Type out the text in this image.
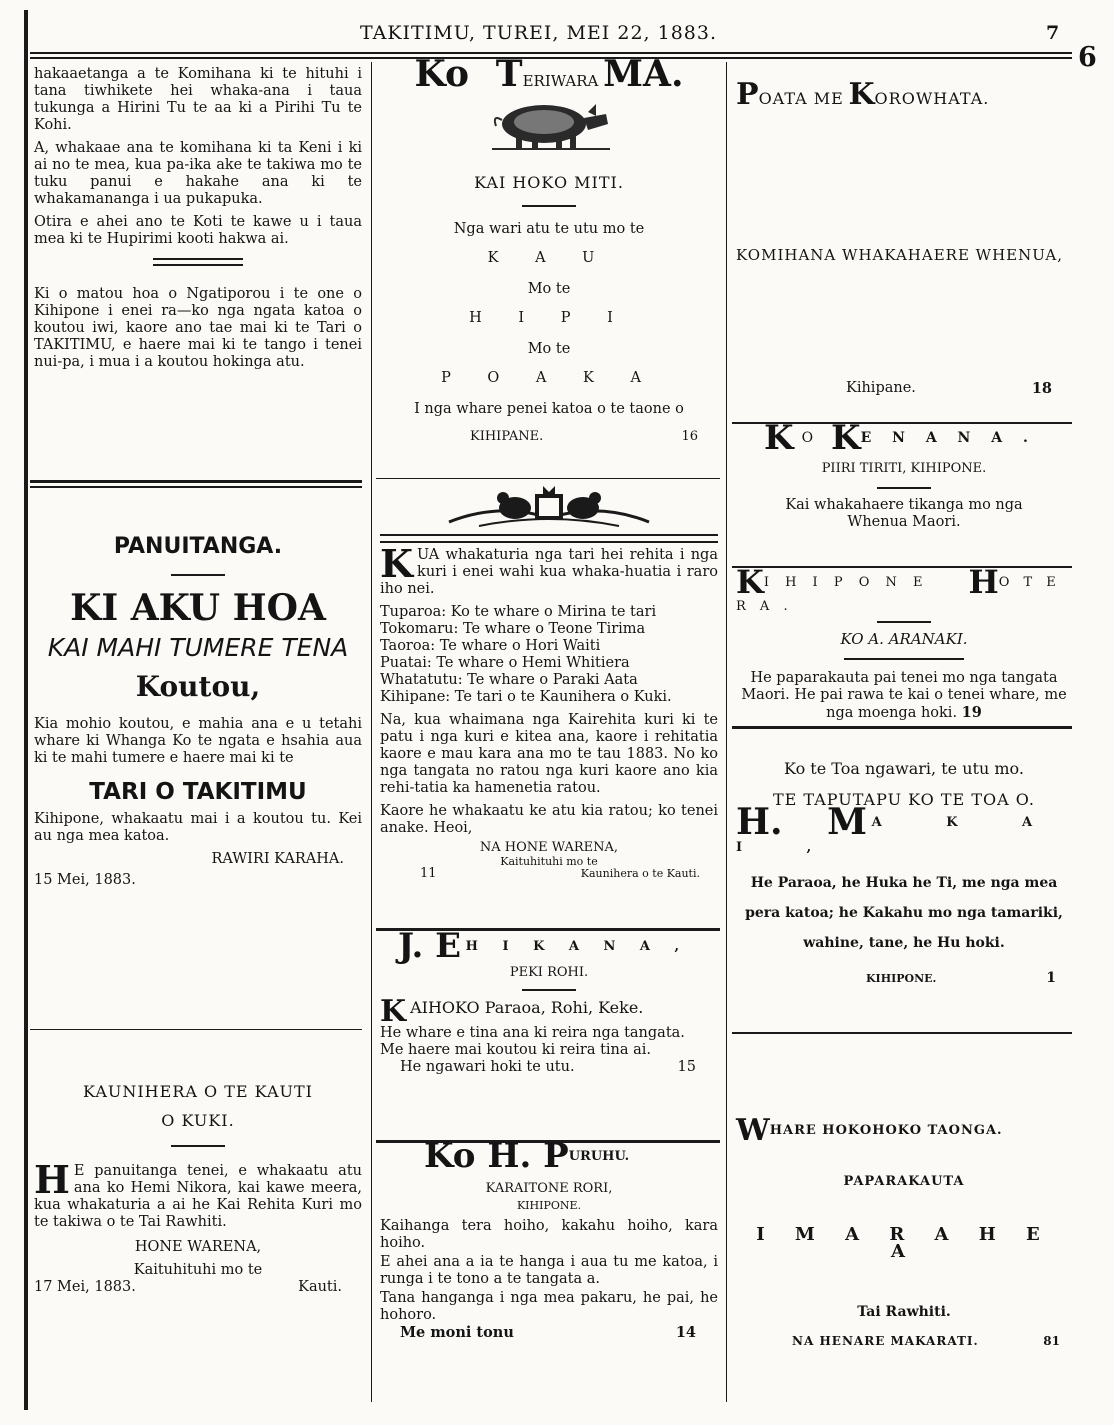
TAKITIMU, TUREI, MEI 22, 1883.	7
6

hakaaetanga a te Komihana ki te hituhi i tana tiwhikete hei whaka-ana i taua tukunga a Hirini Tu te aa ki a Pirihi Tu te Kohi.

A, whakaae ana te komihana ki ta Keni i ki ai no te mea, kua pa-ika ake te takiwa mo te tuku panui e hakahe ana ki te whakamananga i ua pukapuka.

Otira e ahei ano te Koti te kawe u i taua mea ki te Hupirimi kooti hakwa ai.

Ki o matou hoa o Ngatiporou i te one o Kihipone i enei ra—ko nga ngata katoa o koutou iwi, kaore ano tae mai ki te Tari o TAKITIMU, e haere mai ki te tango i tenei nui-pa, i mua i a koutou hokinga atu.

PANUITANGA.
KI AKU HOA
KAI MAHI TUMERE TENA
Koutou,

Kia mohio koutou, e mahia ana e u tetahi whare ki Whanga Ko te ngata e hsahia aua ki te mahi tumere e haere mai ki te

TARI O TAKITIMU

Kihipone, whakaatu mai i a koutou tu. Kei au nga mea katoa.

RAWIRI KARAHA.
15 Mei, 1883.
KAUNIHERA O TE KAUTI
O KUKI.

H E panuitanga tenei, e whakaatu atu ana ko Hemi Nikora, kai kawe meera, kua whakaturia a ai he Kai Rehita Kuri mo te takiwa o te Tai Rawhiti.

HONE WARENA,
Kaituhituhi mo te
Kauti.
17 Mei, 1883.
Ko TERIWARA MA.
KAI HOKO MITI.
Nga wari atu te utu mo te
K A U
Mo te
H I P I
Mo te
P O A K A
I nga whare penei katoa o te taone o
KIHIPANE.	16

KUA whakaturia nga tari hei rehita i nga kuri i enei wahi kua whaka-huatia i raro iho nei.

Tuparoa: Ko te whare o Mirina te tari
Tokomaru: Te whare o Teone Tirima
Taoroa: Te whare o Hori Waiti
Puatai: Te whare o Hemi Whitiera
Whatatutu: Te whare o Paraki Aata
Kihipane: Te tari o te Kaunihera o Kuki.

Na, kua whaimana nga Kairehita kuri ki te patu i nga kuri e kitea ana, kaore i rehitatia kaore e mau kara ana mo te tau 1883. No ko nga tangata no ratou nga kuri kaore ano kia rehi-tatia ka hamenetia ratou.

Kaore he whakaatu ke atu kia ratou; ko tenei anake. Heoi,

NA HONE WARENA,
Kaituhituhi mo te
11	Kaunihera o te Kauti.
J. E H I K A N A ,
PEKI ROHI.

KAIHOKO Paraoa, Rohi, Keke.

He whare e tina ana ki reira nga tangata.

Me haere mai koutou ki reira tina ai.

He ngawari hoki te utu.	15
Ko H. PURUHU.
KARAITONE RORI,
KIHIPONE.

Kaihanga tera hoiho, kakahu hoiho, kara hoiho.

E ahei ana a ia te hanga i aua tu me katoa, i runga i te tono a te tangata a.

Tana hanganga i nga mea pakaru, he pai, he hohoro.

Me moni tonu	14
POATA ME KOROWHATA.
KOMIHANA WHAKAHAERE WHENUA,
Kihipane.	18
K O KE N A N A .
PIIRI TIRITI, KIHIPONE.
Kai whakahaere tikanga mo nga Whenua Maori.
KI H I P O N E HO T E R A .
KO A. ARANAKI.

He paparakauta pai tenei mo nga tangata Maori. He pai rawa te kai o tenei whare, me nga moenga hoki. 19

Ko te Toa ngawari, te utu mo.
TE TAPUTAPU KO TE TOA O.
H. M A K A I ,
He Paraoa, he Huka he Ti, me nga mea pera katoa; he Kakahu mo nga tamariki, wahine, tane, he Hu hoki.
KIHIPONE.	1
WHARE HOKOHOKO TAONGA.
PAPARAKAUTA
I M A R A H E A
Tai Rawhiti.
NA HENARE MAKARATI.	81
